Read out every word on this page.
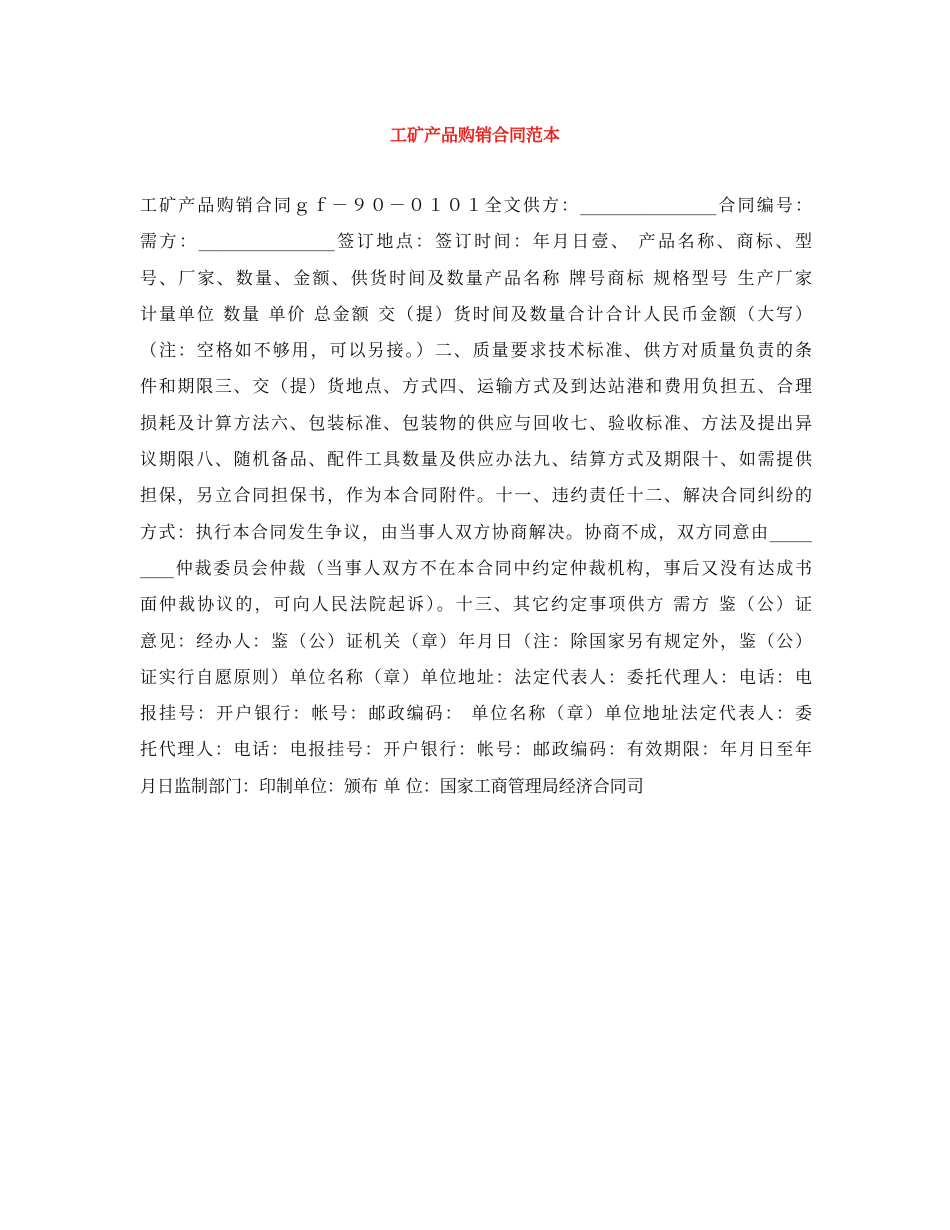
工矿产品购销合同范本
工矿产品购销合同ｇｆ－９０－０１０１全文供方：________________合同编号：
需方：________________签订地点：签订时间：年月日壹、 产品名称、商标、型
号、厂家、数量、金额、供货时间及数量产品名称 牌号商标 规格型号 生产厂家
计量单位 数量 单价 总金额 交（提）货时间及数量合计合计人民币金额（大写）
（注：空格如不够用，可以另接。）二、质量要求技术标准、供方对质量负责的条
件和期限三、交（提）货地点、方式四、运输方式及到达站港和费用负担五、合理
损耗及计算方法六、包装标准、包装物的供应与回收七、验收标准、方法及提出异
议期限八、随机备品、配件工具数量及供应办法九、结算方式及期限十、如需提供
担保，另立合同担保书，作为本合同附件。十一、违约责任十二、解决合同纠纷的
方式：执行本合同发生争议，由当事人双方协商解决。协商不成，双方同意由_____
____仲裁委员会仲裁（当事人双方不在本合同中约定仲裁机构，事后又没有达成书
面仲裁协议的，可向人民法院起诉）。十三、其它约定事项供方 需方 鉴（公）证
意见：经办人：鉴（公）证机关（章）年月日（注：除国家另有规定外，鉴（公）
证实行自愿原则）单位名称（章）单位地址：法定代表人：委托代理人：电话：电
报挂号：开户银行：帐号：邮政编码： 单位名称（章）单位地址法定代表人：委
托代理人：电话：电报挂号：开户银行：帐号：邮政编码：有效期限：年月日至年
月日监制部门：印制单位：颁布 单 位：国家工商管理局经济合同司
